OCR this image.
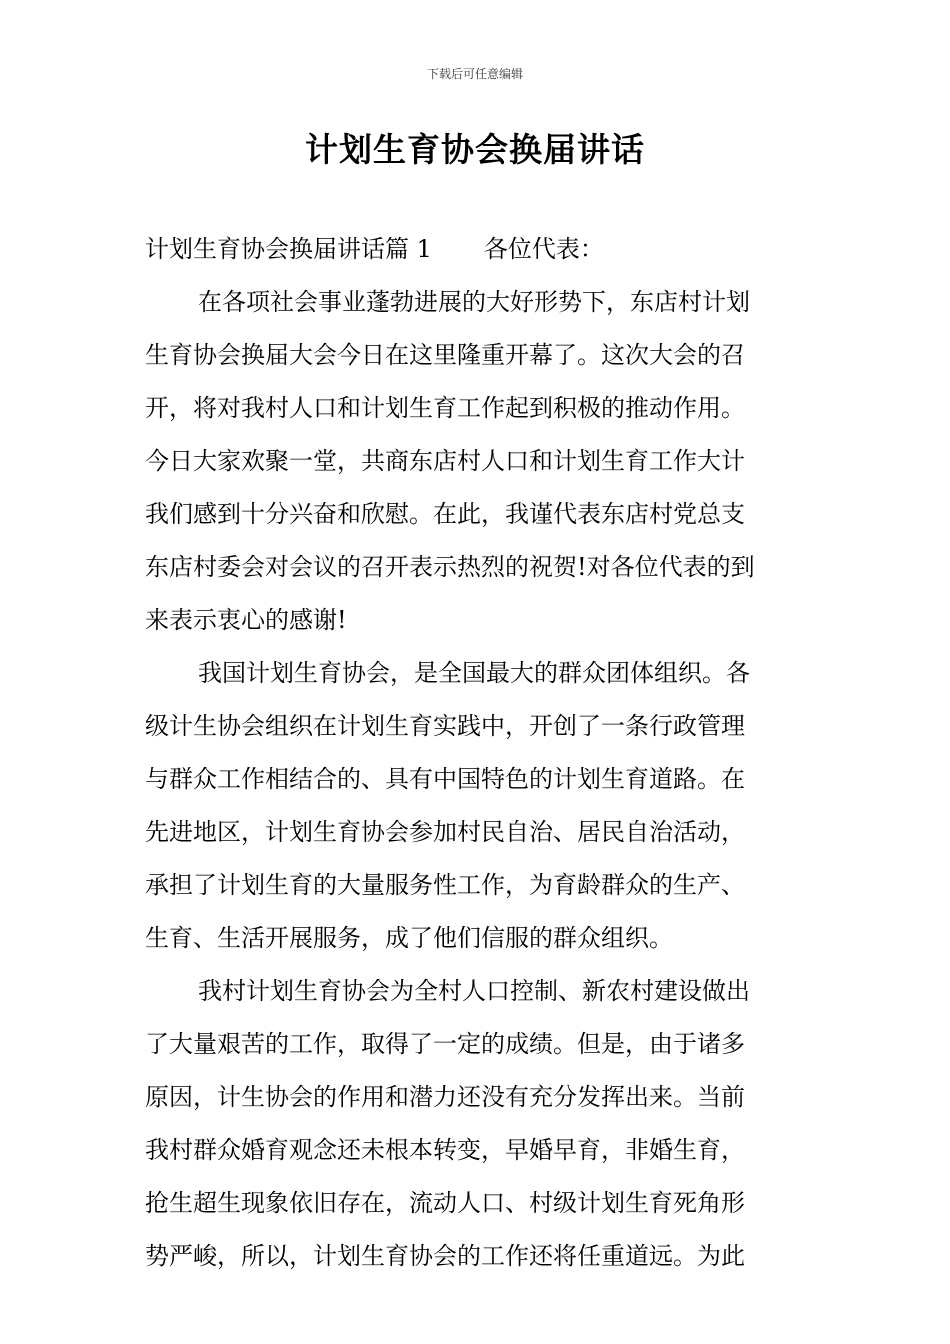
下载后可任意编辑
计划生育协会换届讲话
计划生育协会换届讲话篇 1 各位代表：
在各项社会事业蓬勃进展的大好形势下，东店村计划
生育协会换届大会今日在这里隆重开幕了。这次大会的召
开，将对我村人口和计划生育工作起到积极的推动作用。
今日大家欢聚一堂，共商东店村人口和计划生育工作大计
我们感到十分兴奋和欣慰。在此，我谨代表东店村党总支
东店村委会对会议的召开表示热烈的祝贺!对各位代表的到
来表示衷心的感谢!
我国计划生育协会，是全国最大的群众团体组织。各
级计生协会组织在计划生育实践中，开创了一条行政管理
与群众工作相结合的、具有中国特色的计划生育道路。在
先进地区，计划生育协会参加村民自治、居民自治活动，
承担了计划生育的大量服务性工作，为育龄群众的生产、
生育、生活开展服务，成了他们信服的群众组织。
我村计划生育协会为全村人口控制、新农村建设做出
了大量艰苦的工作，取得了一定的成绩。但是，由于诸多
原因，计生协会的作用和潜力还没有充分发挥出来。当前
我村群众婚育观念还未根本转变，早婚早育，非婚生育，
抢生超生现象依旧存在，流动人口、村级计划生育死角形
势严峻，所以，计划生育协会的工作还将任重道远。为此
